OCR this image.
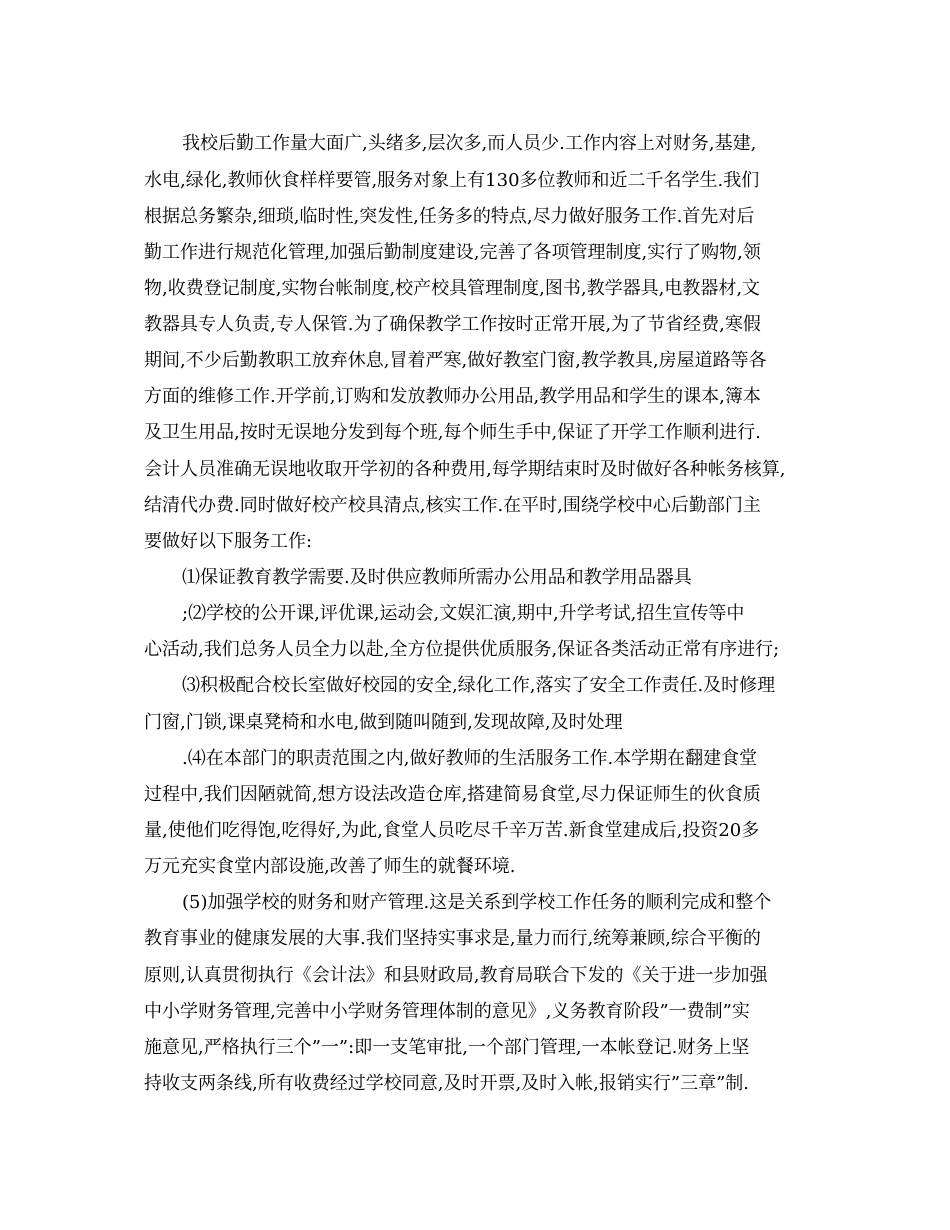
我校后勤工作量大面广,头绪多,层次多,而人员少.工作内容上对财务,基建,
水电,绿化,教师伙食样样要管,服务对象上有130多位教师和近二千名学生.我们
根据总务繁杂,细琐,临时性,突发性,任务多的特点,尽力做好服务工作.首先对后
勤工作进行规范化管理,加强后勤制度建设,完善了各项管理制度,实行了购物,领
物,收费登记制度,实物台帐制度,校产校具管理制度,图书,教学器具,电教器材,文
教器具专人负责,专人保管.为了确保教学工作按时正常开展,为了节省经费,寒假
期间,不少后勤教职工放弃休息,冒着严寒,做好教室门窗,教学教具,房屋道路等各
方面的维修工作.开学前,订购和发放教师办公用品,教学用品和学生的课本,簿本
及卫生用品,按时无误地分发到每个班,每个师生手中,保证了开学工作顺利进行.
会计人员准确无误地收取开学初的各种费用,每学期结束时及时做好各种帐务核算,
结清代办费.同时做好校产校具清点,核实工作.在平时,围绕学校中心后勤部门主
要做好以下服务工作:
⑴保证教育教学需要.及时供应教师所需办公用品和教学用品器具
;⑵学校的公开课,评优课,运动会,文娱汇演,期中,升学考试,招生宣传等中
心活动,我们总务人员全力以赴,全方位提供优质服务,保证各类活动正常有序进行;
⑶积极配合校长室做好校园的安全,绿化工作,落实了安全工作责任.及时修理
门窗,门锁,课桌凳椅和水电,做到随叫随到,发现故障,及时处理
.⑷在本部门的职责范围之内,做好教师的生活服务工作.本学期在翻建食堂
过程中,我们因陋就简,想方设法改造仓库,搭建简易食堂,尽力保证师生的伙食质
量,使他们吃得饱,吃得好,为此,食堂人员吃尽千辛万苦.新食堂建成后,投资20多
万元充实食堂内部设施,改善了师生的就餐环境.
(5)加强学校的财务和财产管理.这是关系到学校工作任务的顺利完成和整个
教育事业的健康发展的大事.我们坚持实事求是,量力而行,统筹兼顾,综合平衡的
原则,认真贯彻执行《会计法》和县财政局,教育局联合下发的《关于进一步加强
中小学财务管理,完善中小学财务管理体制的意见》,义务教育阶段”一费制”实
施意见,严格执行三个”一”:即一支笔审批,一个部门管理,一本帐登记.财务上坚
持收支两条线,所有收费经过学校同意,及时开票,及时入帐,报销实行”三章”制.
